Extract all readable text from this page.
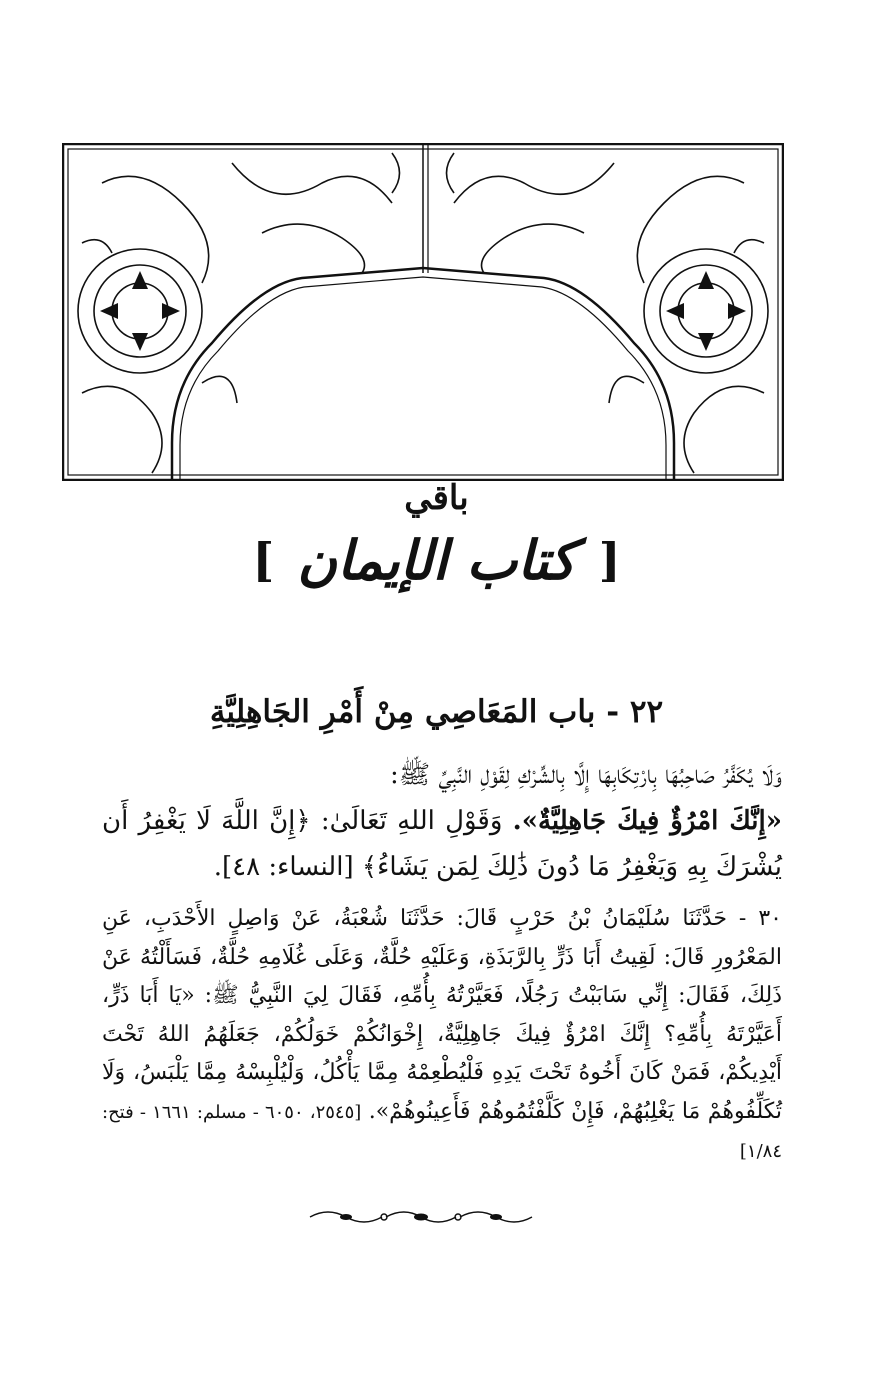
باقي
[ كتاب الإيمان ]
٢٢ - باب المَعَاصِي مِنْ أَمْرِ الجَاهِلِيَّةِ
وَلَا يُكَفَّرُ صَاحِبُهَا بِارْتِكَابِهَا إِلَّا بِالشِّرْكِ لِقَوْلِ النَّبِيِّ ﷺ:
«إِنَّكَ امْرُؤٌ فِيكَ جَاهِلِيَّةٌ». وَقَوْلِ اللهِ تَعَالَىٰ: ﴿إِنَّ اللَّهَ لَا يَغْفِرُ أَن يُشْرَكَ بِهِ وَيَغْفِرُ مَا دُونَ ذَٰلِكَ لِمَن يَشَاءُ﴾ [النساء: ٤٨].
٣٠ - حَدَّثَنَا سُلَيْمَانُ بْنُ حَرْبٍ قَالَ: حَدَّثَنَا شُعْبَةُ، عَنْ وَاصِلٍ الأَحْدَبِ، عَنِ المَعْرُورِ قَالَ: لَقِيتُ أَبَا ذَرٍّ بِالرَّبَذَةِ، وَعَلَيْهِ حُلَّةٌ، وَعَلَى غُلَامِهِ حُلَّةٌ، فَسَأَلْتُهُ عَنْ ذَلِكَ، فَقَالَ: إِنِّي سَابَبْتُ رَجُلًا، فَعَيَّرْتُهُ بِأُمِّهِ، فَقَالَ لِيَ النَّبِيُّ ﷺ: «يَا أَبَا ذَرٍّ، أَعَيَّرْتَهُ بِأُمِّهِ؟ إِنَّكَ امْرُؤٌ فِيكَ جَاهِلِيَّةٌ، إِخْوَانُكُمْ خَوَلُكُمْ، جَعَلَهُمُ اللهُ تَحْتَ أَيْدِيكُمْ، فَمَنْ كَانَ أَخُوهُ تَحْتَ يَدِهِ فَلْيُطْعِمْهُ مِمَّا يَأْكُلُ، وَلْيُلْبِسْهُ مِمَّا يَلْبَسُ، وَلَا تُكَلِّفُوهُمْ مَا يَغْلِبُهُمْ، فَإِنْ كَلَّفْتُمُوهُمْ فَأَعِينُوهُمْ». [٢٥٤٥، ٦٠٥٠ - مسلم: ١٦٦١ - فتح: ١/٨٤]
